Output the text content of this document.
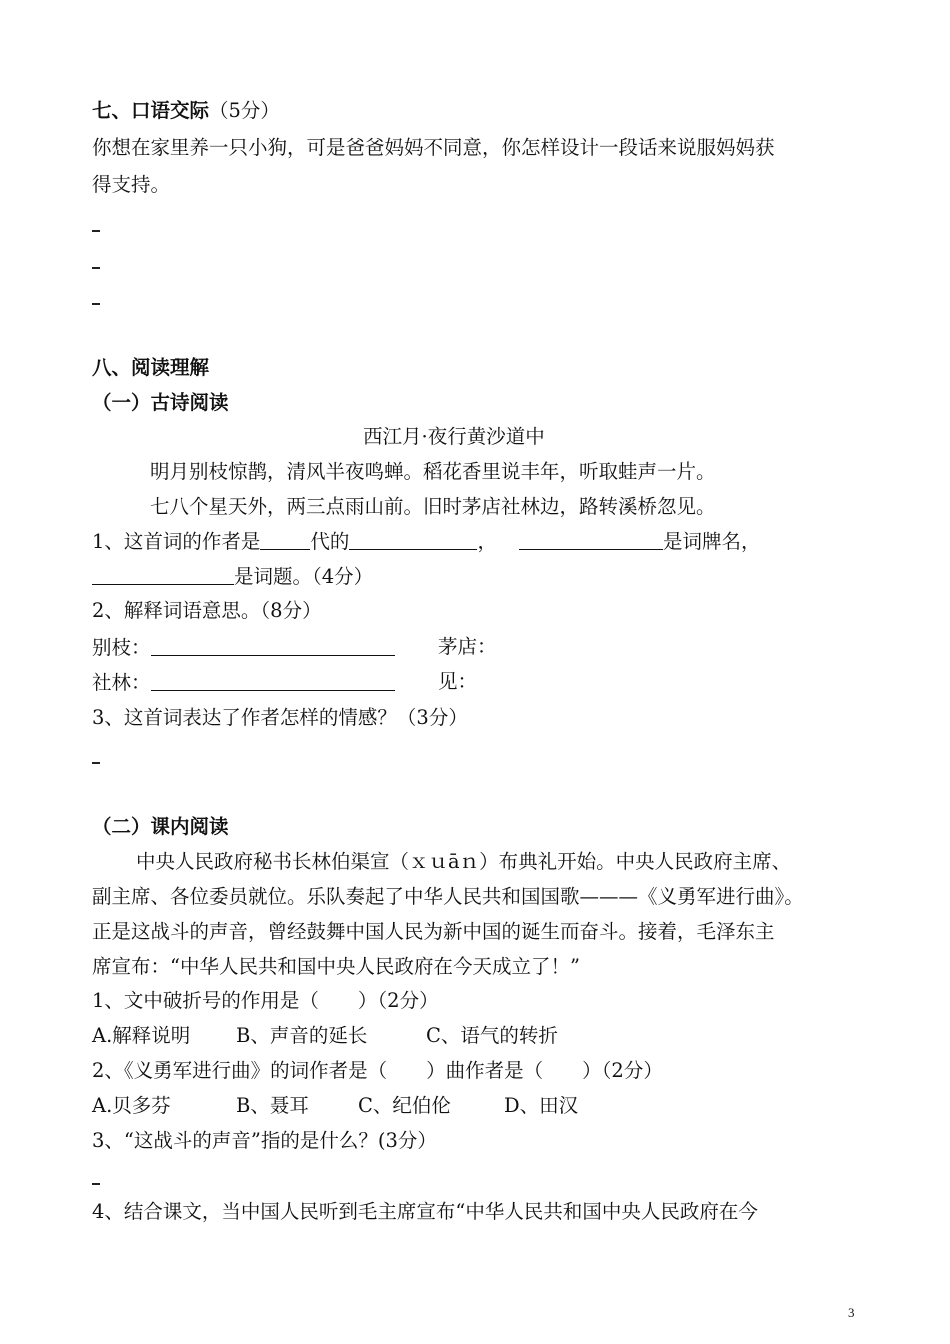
七、口语交际（5分）
你想在家里养一只小狗，可是爸爸妈妈不同意，你怎样设计一段话来说服妈妈获
得支持。
八、阅读理解
（一）古诗阅读
西江月·夜行黄沙道中
明月别枝惊鹊，清风半夜鸣蝉。稻花香里说丰年，听取蛙声一片。
七八个星天外，两三点雨山前。旧时茅店社林边，路转溪桥忽见。
1、这首词的作者是	代的	，	是词牌名，
是词题。（4分）
2、解释词语意思。（8分）
别枝：	茅店：
社林：	见：
3、这首词表达了作者怎样的情感？（3分）
（二）课内阅读
中央人民政府秘书长林伯渠宣（ｘｕāｎ）布典礼开始。中央人民政府主席、
副主席、各位委员就位。乐队奏起了中华人民共和国国歌———《义勇军进行曲》。
正是这战斗的声音，曾经鼓舞中国人民为新中国的诞生而奋斗。接着，毛泽东主
席宣布：“中华人民共和国中央人民政府在今天成立了！”
1、文中破折号的作用是（　　）（2分）
A.解释说明 B、声音的延长	C、语气的转折
2、《义勇军进行曲》的词作者是（　　）曲作者是（　　）（2分）
A.贝多芬	B、聂耳	C、纪伯伦	D、田汉
3、“这战斗的声音”指的是什么？(3分）
4、结合课文，当中国人民听到毛主席宣布“中华人民共和国中央人民政府在今
3
